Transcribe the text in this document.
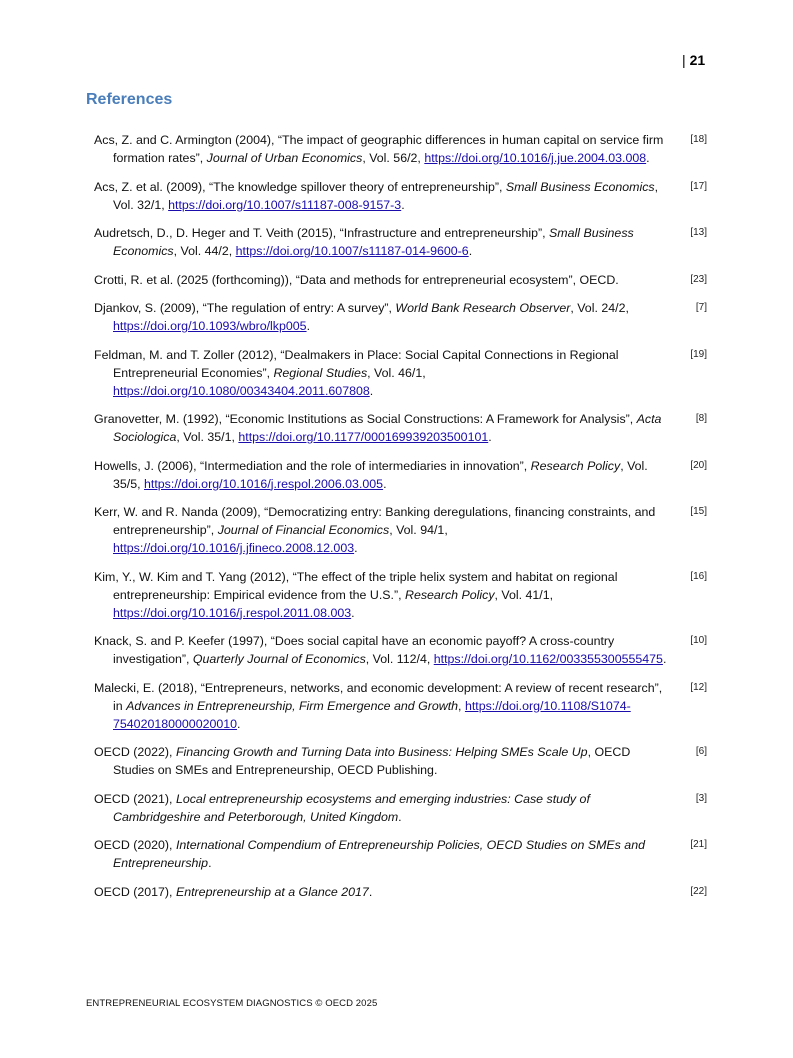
| 21
References
Acs, Z. and C. Armington (2004), “The impact of geographic differences in human capital on service firm formation rates”, Journal of Urban Economics, Vol. 56/2, https://doi.org/10.1016/j.jue.2004.03.008.
[18]
Acs, Z. et al. (2009), “The knowledge spillover theory of entrepreneurship”, Small Business Economics, Vol. 32/1, https://doi.org/10.1007/s11187-008-9157-3.
[17]
Audretsch, D., D. Heger and T. Veith (2015), “Infrastructure and entrepreneurship”, Small Business Economics, Vol. 44/2, https://doi.org/10.1007/s11187-014-9600-6.
[13]
Crotti, R. et al. (2025 (forthcoming)), “Data and methods for entrepreneurial ecosystem”, OECD.	[23]
Djankov, S. (2009), “The regulation of entry: A survey”, World Bank Research Observer, Vol. 24/2, https://doi.org/10.1093/wbro/lkp005.
[7]
Feldman, M. and T. Zoller (2012), “Dealmakers in Place: Social Capital Connections in Regional Entrepreneurial Economies”, Regional Studies, Vol. 46/1, https://doi.org/10.1080/00343404.2011.607808.
[19]
Granovetter, M. (1992), “Economic Institutions as Social Constructions: A Framework for Analysis”, Acta Sociologica, Vol. 35/1, https://doi.org/10.1177/000169939203500101.
[8]
Howells, J. (2006), “Intermediation and the role of intermediaries in innovation”, Research Policy, Vol. 35/5, https://doi.org/10.1016/j.respol.2006.03.005.
[20]
Kerr, W. and R. Nanda (2009), “Democratizing entry: Banking deregulations, financing constraints, and entrepreneurship”, Journal of Financial Economics, Vol. 94/1, https://doi.org/10.1016/j.jfineco.2008.12.003.
[15]
Kim, Y., W. Kim and T. Yang (2012), “The effect of the triple helix system and habitat on regional entrepreneurship: Empirical evidence from the U.S.”, Research Policy, Vol. 41/1, https://doi.org/10.1016/j.respol.2011.08.003.
[16]
Knack, S. and P. Keefer (1997), “Does social capital have an economic payoff? A cross-country investigation”, Quarterly Journal of Economics, Vol. 112/4, https://doi.org/10.1162/003355300555475.
[10]
Malecki, E. (2018), “Entrepreneurs, networks, and economic development: A review of recent research”, in Advances in Entrepreneurship, Firm Emergence and Growth, https://doi.org/10.1108/S1074-754020180000020010.
[12]
OECD (2022), Financing Growth and Turning Data into Business: Helping SMEs Scale Up, OECD Studies on SMEs and Entrepreneurship, OECD Publishing.
[6]
OECD (2021), Local entrepreneurship ecosystems and emerging industries: Case study of Cambridgeshire and Peterborough, United Kingdom.
[3]
OECD (2020), International Compendium of Entrepreneurship Policies, OECD Studies on SMEs and Entrepreneurship.
[21]
OECD (2017), Entrepreneurship at a Glance 2017.	[22]
ENTREPRENEURIAL ECOSYSTEM DIAGNOSTICS © OECD 2025
